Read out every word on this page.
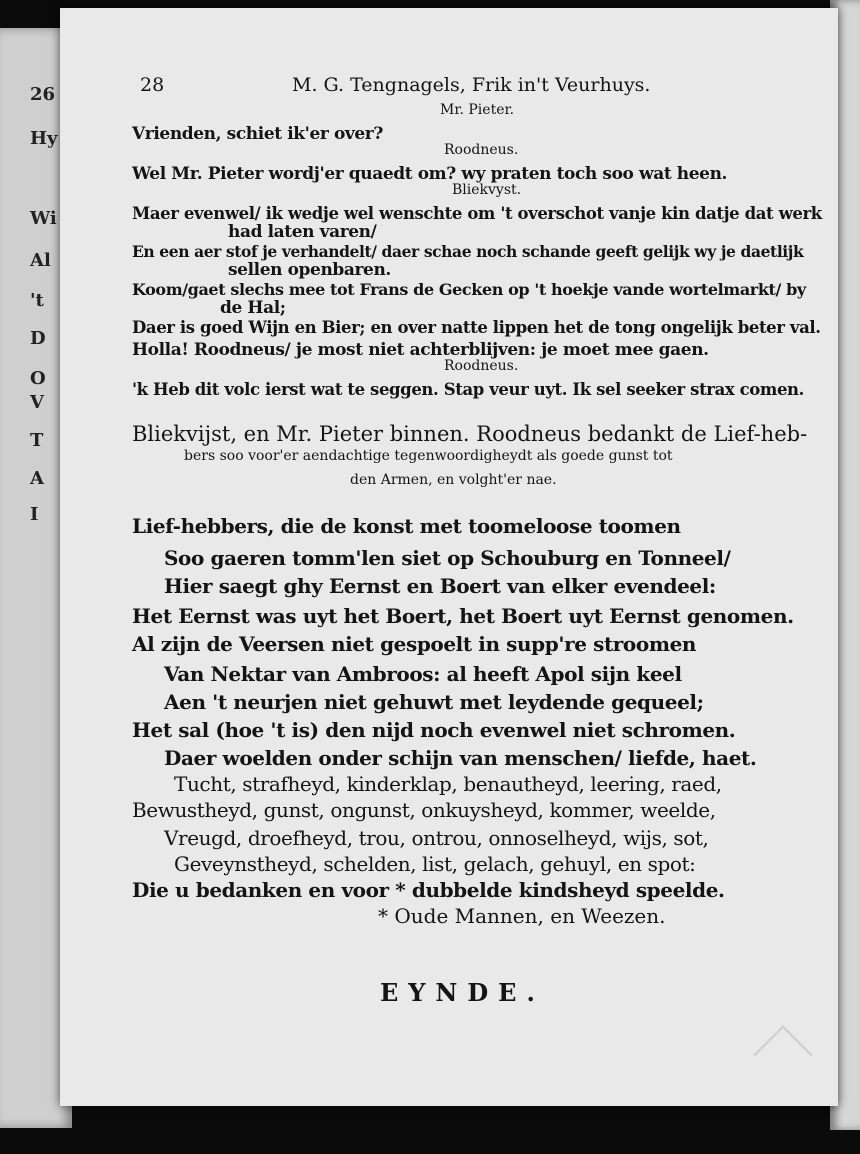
26
Hy
Wi
Al
't
D
O
V
T
A
I
28	M. G. Tengnagels, Frik in't Veurhuys.
Mr. Pieter.
Vrienden, schiet ik'er over?
Roodneus.
Wel Mr. Pieter wordj'er quaedt om? wy praten toch soo wat heen.
Bliekvyst.
Maer evenwel/ ik wedje wel wenschte om 't overschot vanje kin datje dat werk
had laten varen/
En een aer stof je verhandelt/ daer schae noch schande geeft gelijk wy je daetlijk
sellen openbaren.
Koom/gaet slechs mee tot Frans de Gecken op 't hoekje vande wortelmarkt/ by
de Hal;
Daer is goed Wijn en Bier; en over natte lippen het de tong ongelijk beter val.
Holla! Roodneus/ je most niet achterblijven: je moet mee gaen.
Roodneus.
'k Heb dit volc ierst wat te seggen. Stap veur uyt. Ik sel seeker strax comen.
Bliekvijst, en Mr. Pieter binnen. Roodneus bedankt de Lief-heb-
bers soo voor'er aendachtige tegenwoordigheydt als goede gunst tot
den Armen, en volght'er nae.
Lief-hebbers, die de konst met toomeloose toomen
Soo gaeren tomm'len siet op Schouburg en Tonneel/
Hier saegt ghy Eernst en Boert van elker evendeel:
Het Eernst was uyt het Boert, het Boert uyt Eernst genomen.
Al zijn de Veersen niet gespoelt in supp're stroomen
Van Nektar van Ambroos: al heeft Apol sijn keel
Aen 't neurjen niet gehuwt met leydende gequeel;
Het sal (hoe 't is) den nijd noch evenwel niet schromen.
Daer woelden onder schijn van menschen/ liefde, haet.
Tucht, strafheyd, kinderklap, benautheyd, leering, raed,
Bewustheyd, gunst, ongunst, onkuysheyd, kommer, weelde,
Vreugd, droefheyd, trou, ontrou, onnoselheyd, wijs, sot,
Geveynstheyd, schelden, list, gelach, gehuyl, en spot:
Die u bedanken en voor * dubbelde kindsheyd speelde.
* Oude Mannen, en Weezen.
EYNDE.
